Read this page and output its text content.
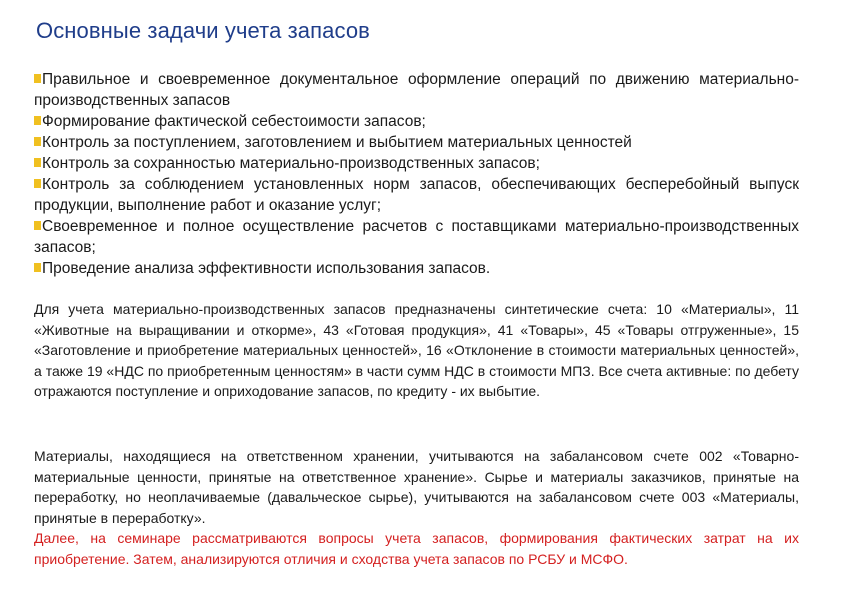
Основные задачи учета запасов
Правильное и своевременное документальное оформление операций по движению материально-производственных запасов
Формирование фактической себестоимости запасов;
Контроль за поступлением, заготовлением и выбытием материальных ценностей
Контроль за сохранностью материально-производственных запасов;
Контроль за соблюдением установленных норм запасов, обеспечивающих бесперебойный выпуск продукции, выполнение работ и оказание услуг;
Своевременное и полное осуществление расчетов с поставщиками материально-производственных запасов;
Проведение анализа эффективности использования запасов.
Для учета материально-производственных запасов предназначены синтетические счета: 10 «Материалы», 11 «Животные на выращивании и откорме», 43 «Готовая продукция», 41 «Товары», 45 «Товары отгруженные», 15 «Заготовление и приобретение материальных ценностей», 16 «Отклонение в стоимости материальных ценностей», а также 19 «НДС по приобретенным ценностям» в части сумм НДС в стоимости МПЗ. Все счета активные: по дебету отражаются поступление и оприходование запасов, по кредиту - их выбытие.
Материалы, находящиеся на ответственном хранении, учитываются на забалансовом счете 002 «Товарно-материальные ценности, принятые на ответственное хранение». Сырье и материалы заказчиков, принятые на переработку, но неоплачиваемые (давальческое сырье), учитываются на забалансовом счете 003 «Материалы, принятые в переработку».
Далее, на семинаре рассматриваются вопросы учета запасов, формирования фактических затрат на их приобретение. Затем, анализируются отличия и сходства учета запасов по РСБУ и МСФО.
